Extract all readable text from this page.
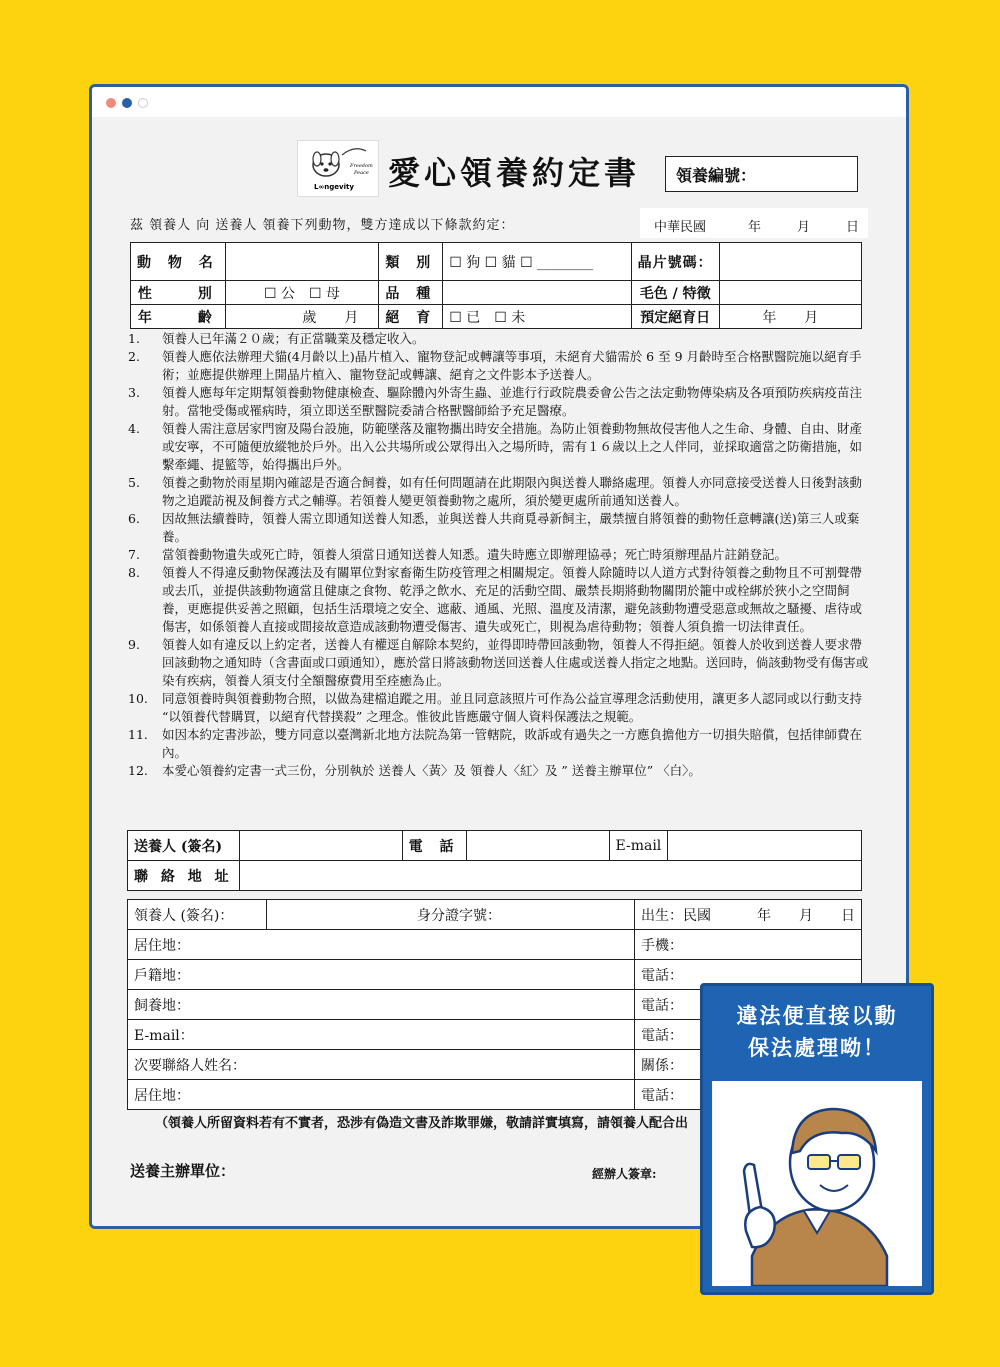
Freedom
Peace
L∞ngevity 愛心領養約定書	領養編號：
茲 領養人 向 送養人 領養下列動物，雙方達成以下條款約定：	中華民國	年	月	日
動 物 名		類 別	☐ 狗 ☐ 貓 ☐ ________	晶片號碼：	
性　　別	☐ 公　☐ 母	品 種		毛色 / 特徵	
年　　齡	歲　　月	絕 育	☐ 已　☐ 未	預定絕育日	年　　月
1.	領養人已年滿２０歲；有正當職業及穩定收入。
2.	領養人應依法辦理犬貓(4月齡以上)晶片植入、寵物登記或轉讓等事項，未絕育犬貓需於 6 至 9 月齡時至合格獸醫院施以絕育手術；並應提供辦理上開晶片植入、寵物登記或轉讓、絕育之文件影本予送養人。
3.	領養人應每年定期幫領養動物健康檢查、驅除體內外寄生蟲、並進行行政院農委會公告之法定動物傳染病及各項預防疾病疫苗注射。當牠受傷或罹病時，須立即送至獸醫院委請合格獸醫師給予充足醫療。
4.	領養人需注意居家門窗及陽台設施，防範墜落及寵物攜出時安全措施。為防止領養動物無故侵害他人之生命、身體、自由、財產或安寧，不可隨便放縱牠於戶外。出入公共場所或公眾得出入之場所時，需有１６歲以上之人伴同，並採取適當之防衛措施，如繫牽繩、提籃等，始得攜出戶外。
5.	領養之動物於雨星期內確認是否適合飼養，如有任何問題請在此期限內與送養人聯絡處理。領養人亦同意接受送養人日後對該動物之追蹤訪視及飼養方式之輔導。若領養人變更領養動物之處所，須於變更處所前通知送養人。
6.	因故無法續養時，領養人需立即通知送養人知悉，並與送養人共商覓尋新飼主，嚴禁擅自將領養的動物任意轉讓(送)第三人或棄養。
7.	當領養動物遺失或死亡時，領養人須當日通知送養人知悉。遺失時應立即辦理協尋；死亡時須辦理晶片註銷登記。
8.	領養人不得違反動物保護法及有關單位對家畜衛生防疫管理之相關規定。領養人除隨時以人道方式對待領養之動物且不可割聲帶或去爪，並提供該動物適當且健康之食物、乾淨之飲水、充足的活動空間、嚴禁長期將動物關閉於籠中或栓綁於狹小之空間飼養，更應提供妥善之照顧，包括生活環境之安全、遮蔽、通風、光照、溫度及清潔，避免該動物遭受惡意或無故之騷擾、虐待或傷害，如係領養人直接或間接故意造成該動物遭受傷害、遺失或死亡，則視為虐待動物；領養人須負擔一切法律責任。
9.	領養人如有違反以上約定者，送養人有權逕自解除本契約，並得即時帶回該動物，領養人不得拒絕。領養人於收到送養人要求帶回該動物之通知時（含書面或口頭通知），應於當日將該動物送回送養人住處或送養人指定之地點。送回時，倘該動物受有傷害或染有疾病，領養人須支付全額醫療費用至痊癒為止。
10.	同意領養時與領養動物合照，以做為建檔追蹤之用。並且同意該照片可作為公益宣導理念活動使用，讓更多人認同或以行動支持 “以領養代替購買，以絕育代替撲殺” 之理念。惟彼此皆應嚴守個人資料保護法之規範。
11.	如因本約定書涉訟，雙方同意以臺灣新北地方法院為第一管轄院，敗訴或有過失之一方應負擔他方一切損失賠償，包括律師費在內。
12.	本愛心領養約定書一式三份，分別執於 送養人〈黃〉及 領養人〈紅〉及 ” 送養主辦單位” 〈白〉。
送養人 (簽名)		電 話		E-mail	
聯 絡 地 址					
領養人 (簽名)：	身分證字號：	出生：民國 年　　月　　日
居住地：		手機：
戶籍地：		電話：
飼養地：		電話：
E-mail：		電話：
次要聯絡人姓名：		關係：
居住地：		電話：
（領養人所留資料若有不實者，恐涉有偽造文書及詐欺罪嫌，敬請詳實填寫，請領養人配合出
送養主辦單位：	經辦人簽章:
違法便直接以動
保法處理呦！
